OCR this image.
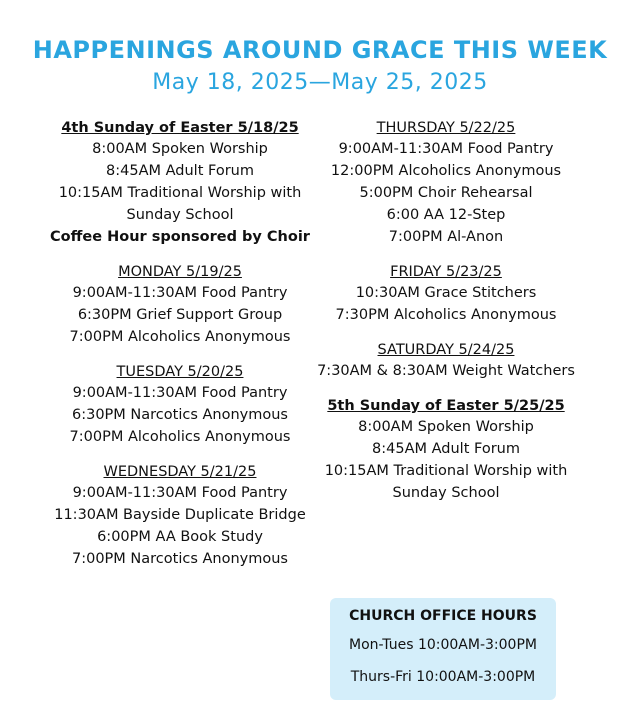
HAPPENINGS AROUND GRACE THIS WEEK
May 18, 2025—May 25, 2025
4th Sunday of Easter 5/18/25
8:00AM Spoken Worship
8:45AM Adult Forum
10:15AM Traditional Worship with
Sunday School
Coffee Hour sponsored by Choir
MONDAY 5/19/25
9:00AM-11:30AM Food Pantry
6:30PM Grief Support Group
7:00PM Alcoholics Anonymous
TUESDAY 5/20/25
9:00AM-11:30AM Food Pantry
6:30PM Narcotics Anonymous
7:00PM Alcoholics Anonymous
WEDNESDAY 5/21/25
9:00AM-11:30AM Food Pantry
11:30AM Bayside Duplicate Bridge
6:00PM AA Book Study
7:00PM Narcotics Anonymous
THURSDAY 5/22/25
9:00AM-11:30AM Food Pantry
12:00PM Alcoholics Anonymous
5:00PM Choir Rehearsal
6:00 AA 12-Step
7:00PM Al-Anon
FRIDAY 5/23/25
10:30AM Grace Stitchers
7:30PM Alcoholics Anonymous
SATURDAY 5/24/25
7:30AM & 8:30AM Weight Watchers
5th Sunday of Easter 5/25/25
8:00AM Spoken Worship
8:45AM Adult Forum
10:15AM Traditional Worship with
Sunday School
CHURCH OFFICE HOURS
Mon-Tues 10:00AM-3:00PM
Thurs-Fri 10:00AM-3:00PM
